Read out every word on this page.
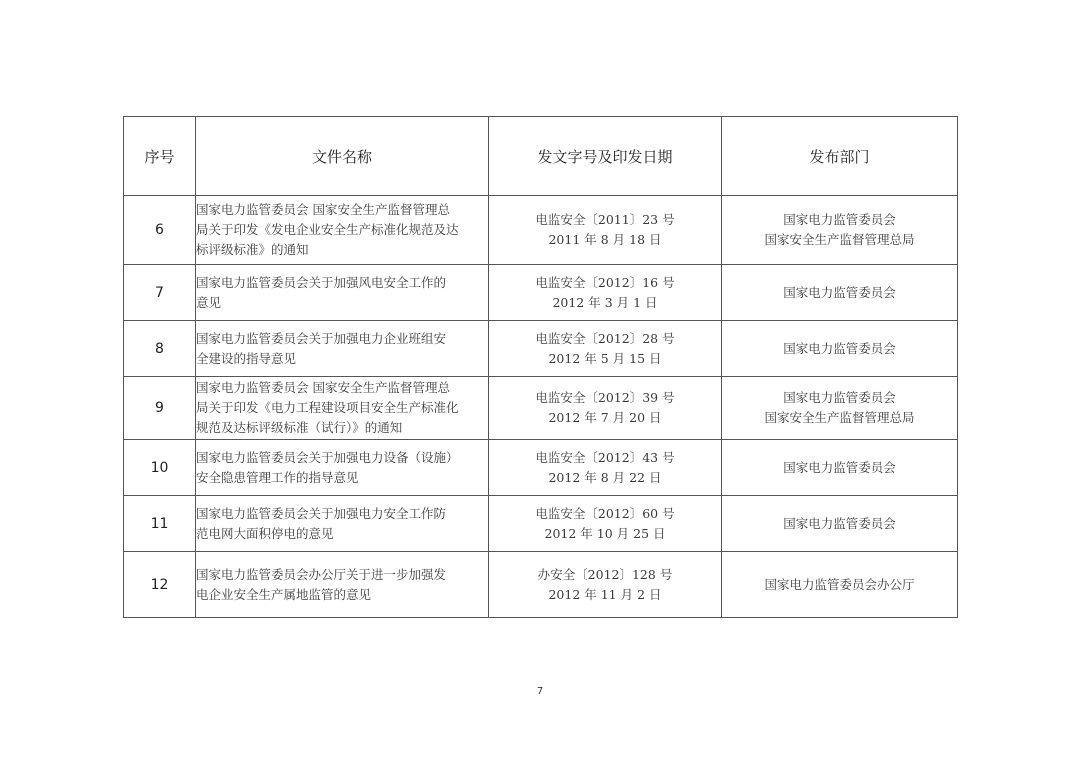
序号	文件名称	发文字号及印发日期	发布部门
6	国家电力监管委员会 国家安全生产监督管理总
局关于印发《发电企业安全生产标准化规范及达
标评级标准》的通知	电监安全〔2011〕23 号
2011 年 8 月 18 日	国家电力监管委员会
国家安全生产监督管理总局

7	国家电力监管委员会关于加强风电安全工作的
意见	电监安全〔2012〕16 号
2012 年 3 月 1 日	国家电力监管委员会

8	国家电力监管委员会关于加强电力企业班组安
全建设的指导意见	电监安全〔2012〕28 号
2012 年 5 月 15 日	国家电力监管委员会

9	国家电力监管委员会 国家安全生产监督管理总
局关于印发《电力工程建设项目安全生产标准化
规范及达标评级标准（试行）》的通知	电监安全〔2012〕39 号
2012 年 7 月 20 日	国家电力监管委员会
国家安全生产监督管理总局

10	国家电力监管委员会关于加强电力设备（设施）
安全隐患管理工作的指导意见	电监安全〔2012〕43 号
2012 年 8 月 22 日	国家电力监管委员会

11	国家电力监管委员会关于加强电力安全工作防
范电网大面积停电的意见	电监安全〔2012〕60 号
2012 年 10 月 25 日	国家电力监管委员会

12	国家电力监管委员会办公厅关于进一步加强发
电企业安全生产属地监管的意见	办安全〔2012〕128 号
2012 年 11 月 2 日	国家电力监管委员会办公厅
7
